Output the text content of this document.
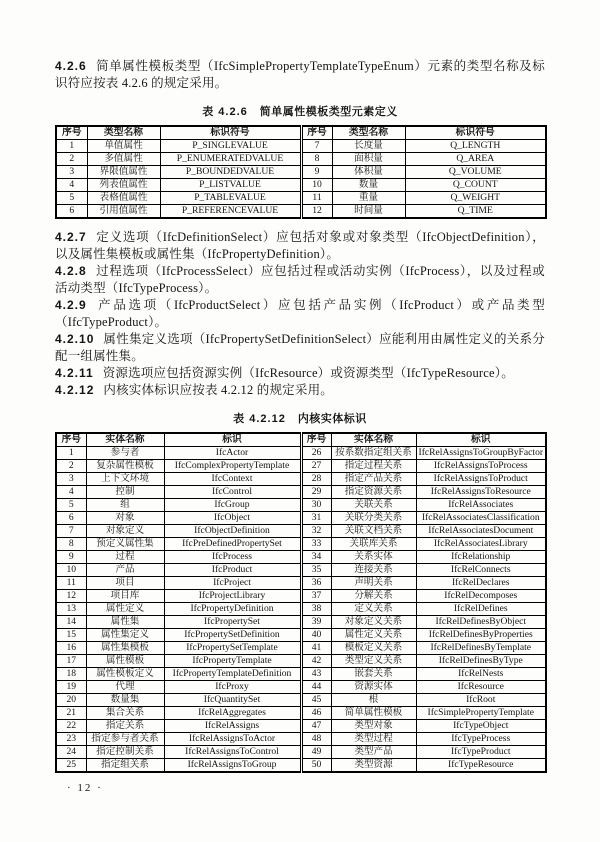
4.2.6 简单属性模板类型（IfcSimplePropertyTemplateTypeEnum）元素的类型名称及标识符应按表 4.2.6 的规定采用。

表 4.2.6 简单属性模板类型元素定义
序号	类型名称	标识符号	序号	类型名称	标识符号
1	单值属性	P_SINGLEVALUE	7	长度量	Q_LENGTH
2	多值属性	P_ENUMERATEDVALUE	8	面积量	Q_AREA
3	界限值属性	P_BOUNDEDVALUE	9	体积量	Q_VOLUME
4	列表值属性	P_LISTVALUE	10	数量	Q_COUNT
5	表格值属性	P_TABLEVALUE	11	重量	Q_WEIGHT
6	引用值属性	P_REFERENCEVALUE	12	时间量	Q_TIME

4.2.7 定义选项（IfcDefinitionSelect）应包括对象或对象类型（IfcObjectDefinition），以及属性集模板或属性集（IfcPropertyDefinition）。

4.2.8 过程选项（IfcProcessSelect）应包括过程或活动实例（IfcProcess），以及过程或活动类型（IfcTypeProcess）。

4.2.9 产品选项（IfcProductSelect）应包括产品实例（IfcProduct）或产品类型（IfcTypeProduct）。

4.2.10 属性集定义选项（IfcPropertySetDefinitionSelect）应能利用由属性定义的关系分配一组属性集。

4.2.11 资源选项应包括资源实例（IfcResource）或资源类型（IfcTypeResource）。

4.2.12 内核实体标识应按表 4.2.12 的规定采用。

表 4.2.12 内核实体标识
序号	实体名称	标识	序号	实体名称	标识
1	参与者	IfcActor	26	按系数指定组关系	IfcRelAssignsToGroupByFactor
2	复杂属性模板	IfcComplexPropertyTemplate	27	指定过程关系	IfcRelAssignsToProcess
3	上下文环境	IfcContext	28	指定产品关系	IfcRelAssignsToProduct
4	控制	IfcControl	29	指定资源关系	IfcRelAssignsToResource
5	组	IfcGroup	30	关联关系	IfcRelAssociates
6	对象	IfcObject	31	关联分类关系	IfcRelAssociatesClassification
7	对象定义	IfcObjectDefinition	32	关联文档关系	IfcRelAssociatesDocument
8	预定义属性集	IfcPreDefinedPropertySet	33	关联库关系	IfcRelAssociatesLibrary
9	过程	IfcProcess	34	关系实体	IfcRelationship
10	产品	IfcProduct	35	连接关系	IfcRelConnects
11	项目	IfcProject	36	声明关系	IfcRelDeclares
12	项目库	IfcProjectLibrary	37	分解关系	IfcRelDecomposes
13	属性定义	IfcPropertyDefinition	38	定义关系	IfcRelDefines
14	属性集	IfcPropertySet	39	对象定义关系	IfcRelDefinesByObject
15	属性集定义	IfcPropertySetDefinition	40	属性定义关系	IfcRelDefinesByProperties
16	属性集模板	IfcPropertySetTemplate	41	模板定义关系	IfcRelDefinesByTemplate
17	属性模板	IfcPropertyTemplate	42	类型定义关系	IfcRelDefinesByType
18	属性模板定义	IfcPropertyTemplateDefinition	43	嵌套关系	IfcRelNests
19	代理	IfcProxy	44	资源实体	IfcResource
20	数量集	IfcQuantitySet	45	根	IfcRoot
21	集合关系	IfcRelAggregates	46	简单属性模板	IfcSimplePropertyTemplate
22	指定关系	IfcRelAssigns	47	类型对象	IfcTypeObject
23	指定参与者关系	IfcRelAssignsToActor	48	类型过程	IfcTypeProcess
24	指定控制关系	IfcRelAssignsToControl	49	类型产品	IfcTypeProduct
25	指定组关系	IfcRelAssignsToGroup	50	类型资源	IfcTypeResource
· 12 ·
